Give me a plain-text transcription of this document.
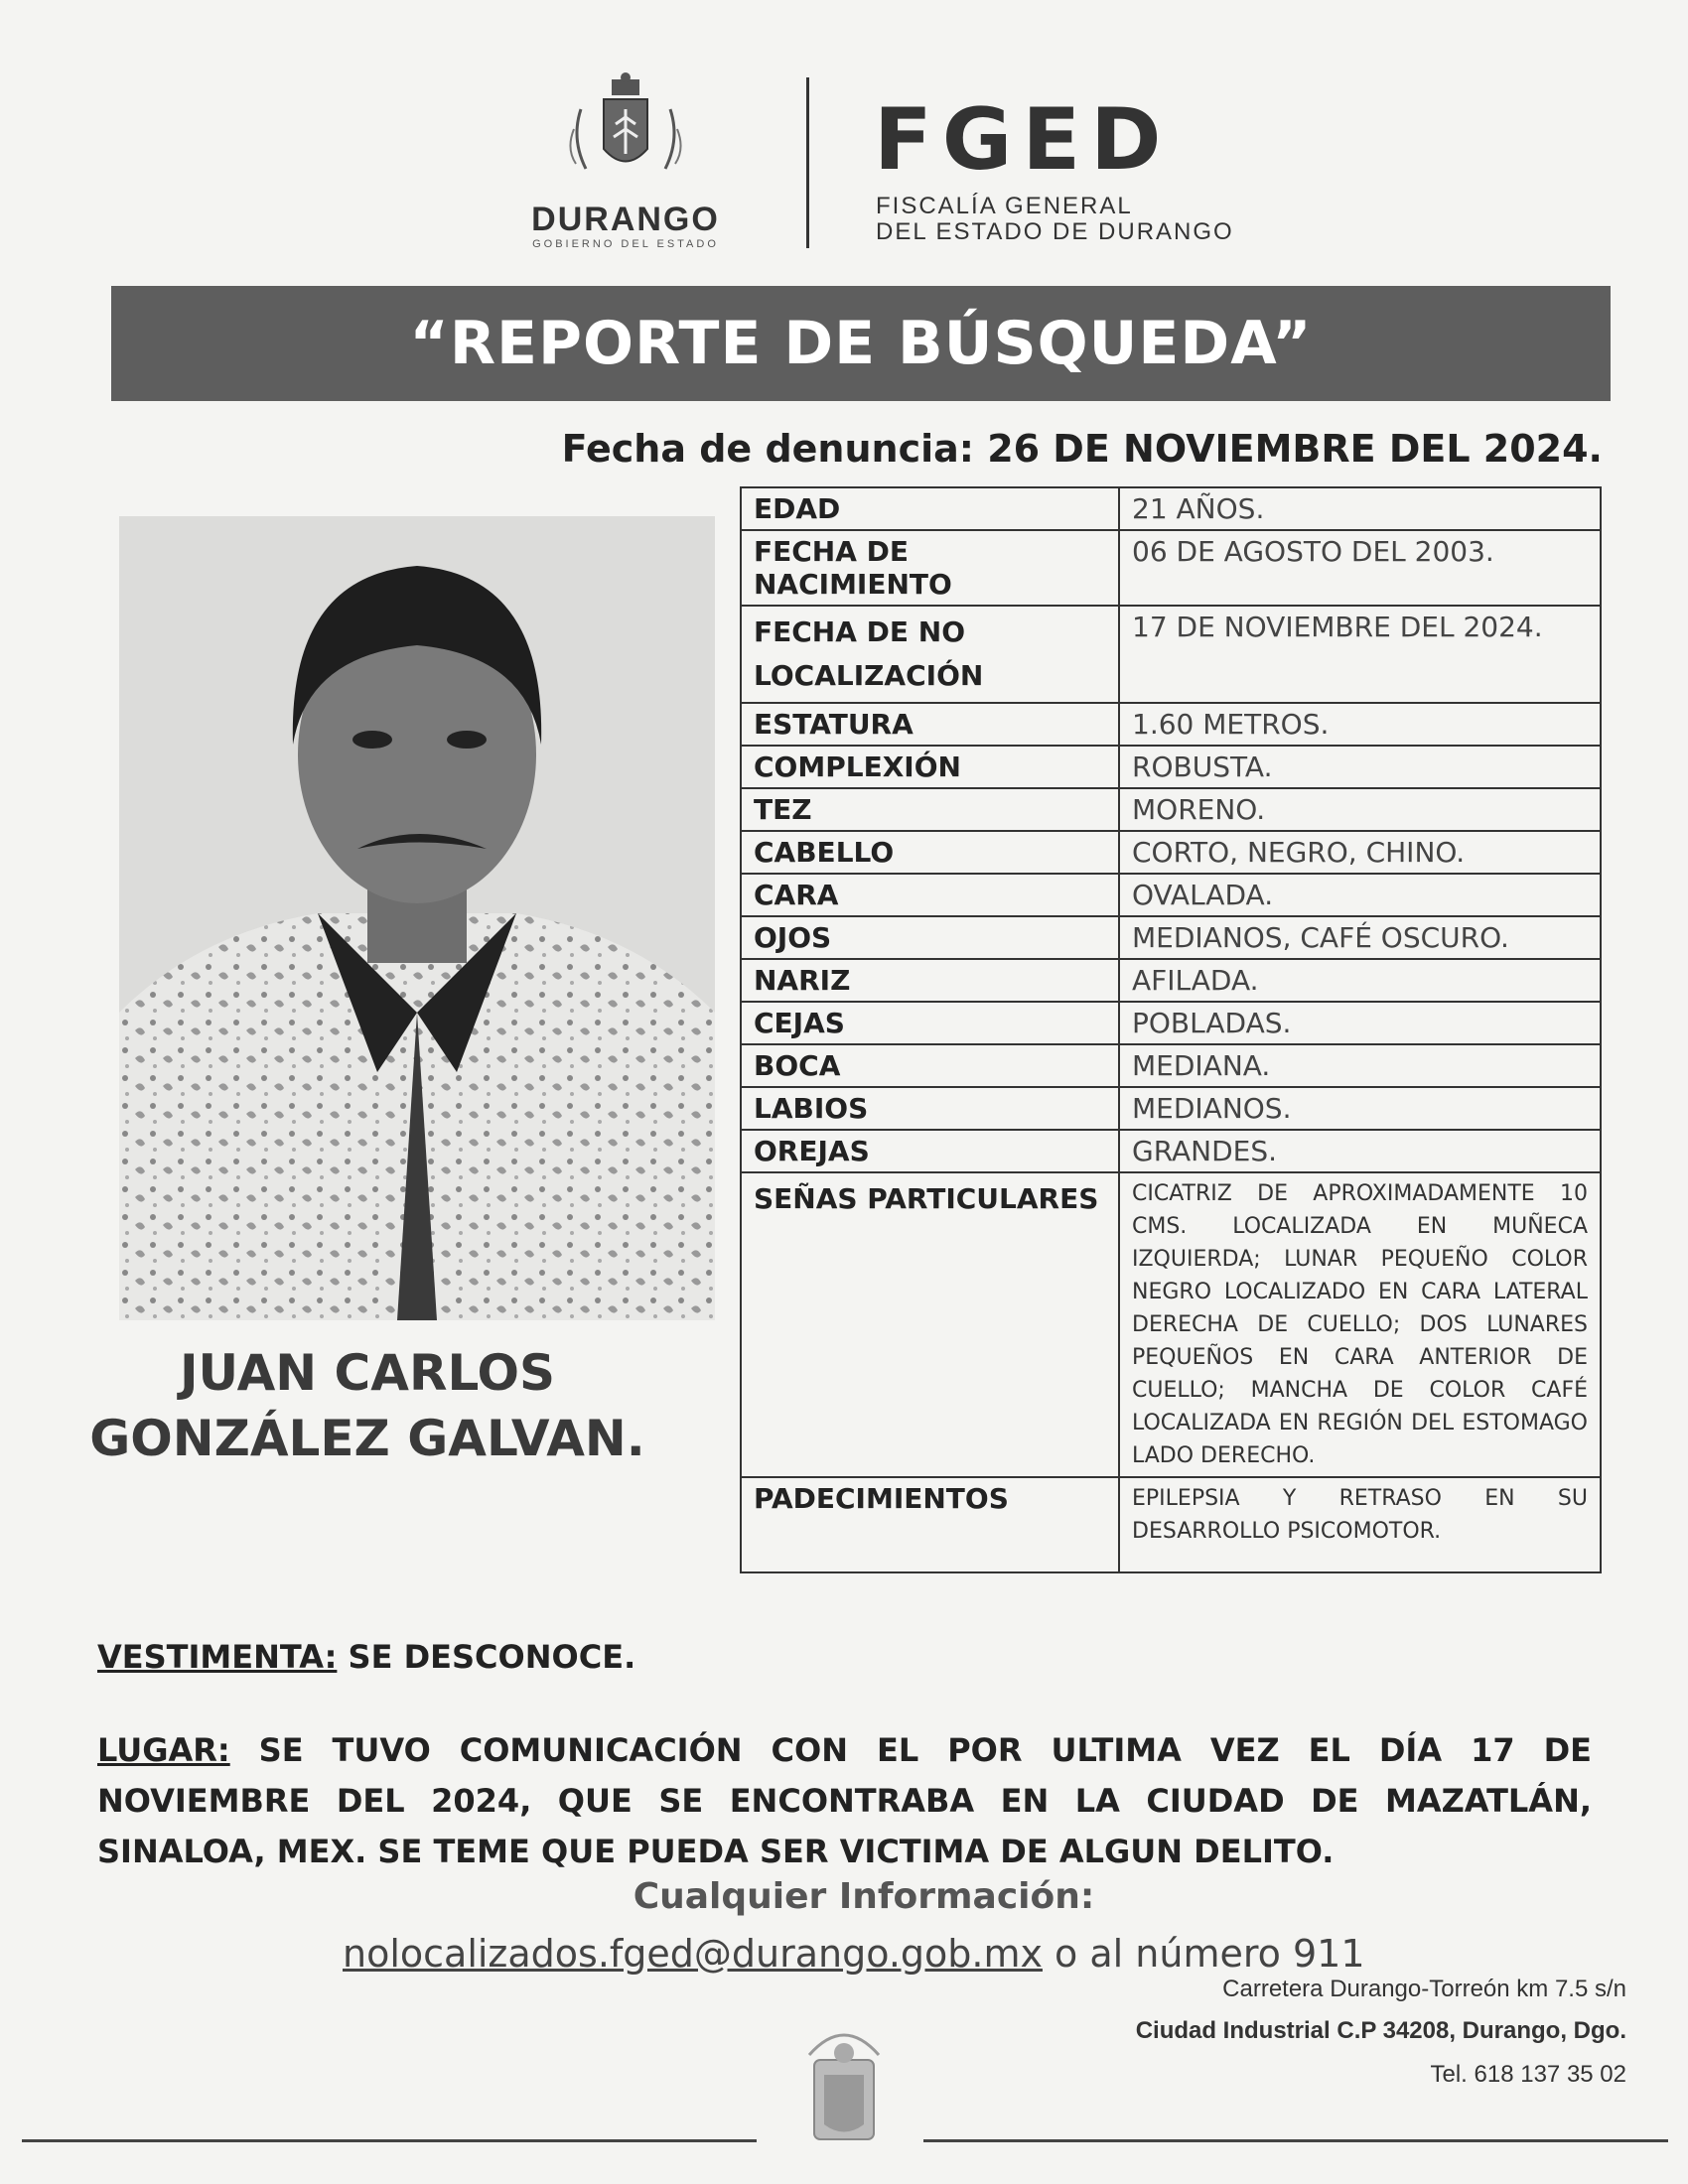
DURANGO
GOBIERNO DEL ESTADO
FGED
FISCALÍA GENERAL
DEL ESTADO DE DURANGO
“REPORTE DE BÚSQUEDA”
Fecha de denuncia: 26 DE NOVIEMBRE DEL 2024.
JUAN CARLOS
GONZÁLEZ GALVAN.
EDAD	21 AÑOS.
FECHA DE NACIMIENTO	06 DE AGOSTO DEL 2003.
FECHA DE NO LOCALIZACIÓN	17 DE NOVIEMBRE DEL 2024.
ESTATURA	1.60 METROS.
COMPLEXIÓN	ROBUSTA.
TEZ	MORENO.
CABELLO	CORTO, NEGRO, CHINO.
CARA	OVALADA.
OJOS	MEDIANOS, CAFÉ OSCURO.
NARIZ	AFILADA.
CEJAS	POBLADAS.
BOCA	MEDIANA.
LABIOS	MEDIANOS.
OREJAS	GRANDES.
SEÑAS PARTICULARES	CICATRIZ DE APROXIMADAMENTE 10 CMS. LOCALIZADA EN MUÑECA IZQUIERDA; LUNAR PEQUEÑO COLOR NEGRO LOCALIZADO EN CARA LATERAL DERECHA DE CUELLO; DOS LUNARES PEQUEÑOS EN CARA ANTERIOR DE CUELLO; MANCHA DE COLOR CAFÉ LOCALIZADA EN REGIÓN DEL ESTOMAGO LADO DERECHO.
PADECIMIENTOS	EPILEPSIA Y RETRASO EN SU DESARROLLO PSICOMOTOR.
VESTIMENTA: SE DESCONOCE.
LUGAR: SE TUVO COMUNICACIÓN CON EL POR ULTIMA VEZ EL DÍA 17 DE NOVIEMBRE DEL 2024, QUE SE ENCONTRABA EN LA CIUDAD DE MAZATLÁN, SINALOA, MEX. SE TEME QUE PUEDA SER VICTIMA DE ALGUN DELITO.
Cualquier Información:
nolocalizados.fged@durango.gob.mx o al número 911
Carretera Durango-Torreón km 7.5 s/n
Ciudad Industrial C.P 34208, Durango, Dgo.
Tel. 618 137 35 02
